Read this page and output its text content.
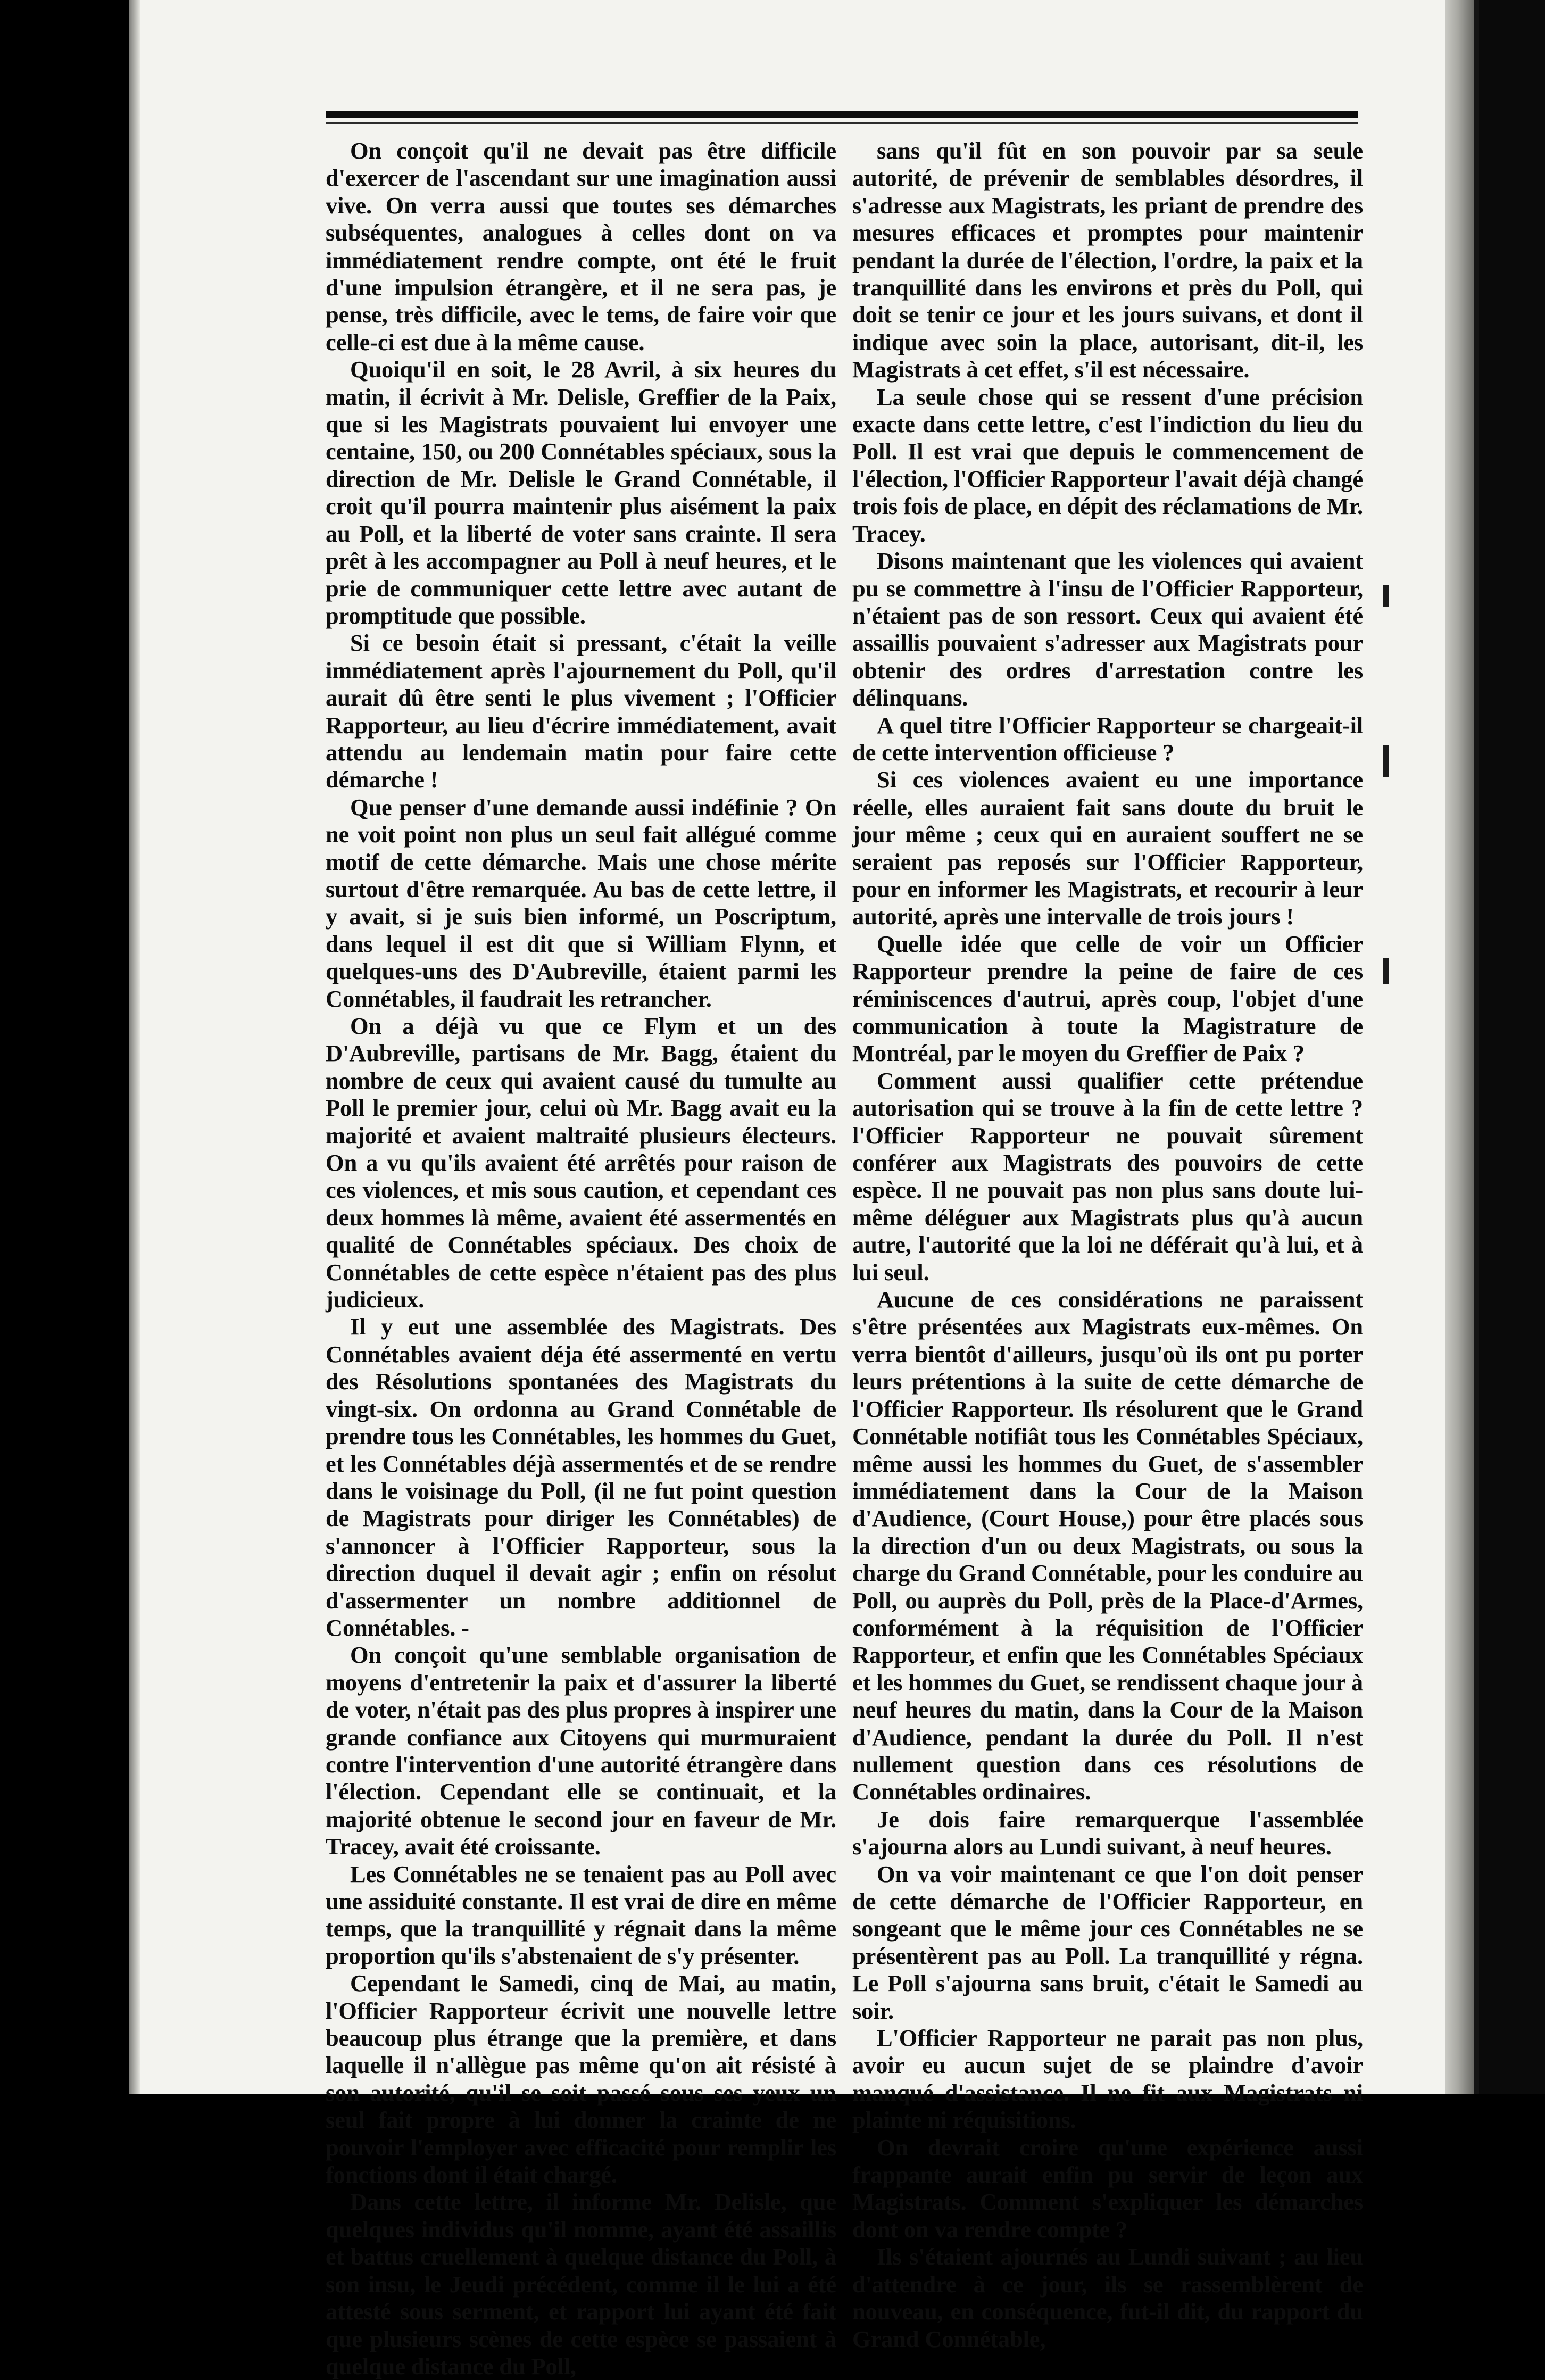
On conçoit qu'il ne devait pas être difficile d'exercer de l'ascendant sur une imagination aussi vive. On verra aussi que toutes ses démarches subséquentes, analogues à celles dont on va immédiatement rendre compte, ont été le fruit d'une impulsion étrangère, et il ne sera pas, je pense, très difficile, avec le tems, de faire voir que celle-ci est due à la même cause.

Quoiqu'il en soit, le 28 Avril, à six heures du matin, il écrivit à Mr. Delisle, Greffier de la Paix, que si les Magistrats pouvaient lui envoyer une centaine, 150, ou 200 Connétables spéciaux, sous la direction de Mr. Delisle le Grand Connétable, il croit qu'il pourra maintenir plus aisément la paix au Poll, et la liberté de voter sans crainte. Il sera prêt à les accompagner au Poll à neuf heures, et le prie de communiquer cette lettre avec autant de promptitude que possible.

Si ce besoin était si pressant, c'était la veille immédiatement après l'ajournement du Poll, qu'il aurait dû être senti le plus vivement ; l'Officier Rapporteur, au lieu d'écrire immédiatement, avait attendu au lendemain matin pour faire cette démarche !

Que penser d'une demande aussi indéfinie ? On ne voit point non plus un seul fait allégué comme motif de cette démarche. Mais une chose mérite surtout d'être remarquée. Au bas de cette lettre, il y avait, si je suis bien informé, un Poscriptum, dans lequel il est dit que si William Flynn, et quelques-uns des D'Aubreville, étaient parmi les Connétables, il faudrait les retrancher.

On a déjà vu que ce Flym et un des D'Aubreville, partisans de Mr. Bagg, étaient du nombre de ceux qui avaient causé du tumulte au Poll le premier jour, celui où Mr. Bagg avait eu la majorité et avaient maltraité plusieurs électeurs. On a vu qu'ils avaient été arrêtés pour raison de ces violences, et mis sous caution, et cependant ces deux hommes là même, avaient été assermentés en qualité de Connétables spéciaux. Des choix de Connétables de cette espèce n'étaient pas des plus judicieux.

Il y eut une assemblée des Magistrats. Des Connétables avaient déja été assermenté en vertu des Résolutions spontanées des Magistrats du vingt-six. On ordonna au Grand Connétable de prendre tous les Connétables, les hommes du Guet, et les Connétables déjà assermentés et de se rendre dans le voisinage du Poll, (il ne fut point question de Magistrats pour diriger les Connétables) de s'annoncer à l'Officier Rapporteur, sous la direction duquel il devait agir ; enfin on résolut d'assermenter un nombre additionnel de Connétables. -

On conçoit qu'une semblable organisation de moyens d'entretenir la paix et d'assurer la liberté de voter, n'était pas des plus propres à inspirer une grande confiance aux Citoyens qui murmuraient contre l'intervention d'une autorité étrangère dans l'élection. Cependant elle se continuait, et la majorité obtenue le second jour en faveur de Mr. Tracey, avait été croissante.

Les Connétables ne se tenaient pas au Poll avec une assiduité constante. Il est vrai de dire en même temps, que la tranquillité y régnait dans la même proportion qu'ils s'abstenaient de s'y présenter.

Cependant le Samedi, cinq de Mai, au matin, l'Officier Rapporteur écrivit une nouvelle lettre beaucoup plus étrange que la première, et dans laquelle il n'allègue pas même qu'on ait résisté à son autorité, qu'il se soit passé sous ses yeux un seul fait propre à lui donner la crainte de ne pouvoir l'employer avec efficacité pour remplir les fonctions dont il était chargé.

Dans cette lettre, il informe Mr. Delisle, que quelques individus qu'il nomme, ayant été assaillis et battus cruellement à quelque distance du Poll, à son insu, le Jeudi précédent, comme il le lui a été attesté sous serment, et rapport lui ayant été fait que plusieurs scènes de cette espèce se passaient à quelque distance du Poll,

sans qu'il fût en son pouvoir par sa seule autorité, de prévenir de semblables désordres, il s'adresse aux Magistrats, les priant de prendre des mesures efficaces et promptes pour maintenir pendant la durée de l'élection, l'ordre, la paix et la tranquillité dans les environs et près du Poll, qui doit se tenir ce jour et les jours suivans, et dont il indique avec soin la place, autorisant, dit-il, les Magistrats à cet effet, s'il est nécessaire.

La seule chose qui se ressent d'une précision exacte dans cette lettre, c'est l'indiction du lieu du Poll. Il est vrai que depuis le commencement de l'élection, l'Officier Rapporteur l'avait déjà changé trois fois de place, en dépit des réclamations de Mr. Tracey.

Disons maintenant que les violences qui avaient pu se commettre à l'insu de l'Officier Rapporteur, n'étaient pas de son ressort. Ceux qui avaient été assaillis pouvaient s'adresser aux Magistrats pour obtenir des ordres d'arrestation contre les délinquans.

A quel titre l'Officier Rapporteur se chargeait-il de cette intervention officieuse ?

Si ces violences avaient eu une importance réelle, elles auraient fait sans doute du bruit le jour même ; ceux qui en auraient souffert ne se seraient pas reposés sur l'Officier Rapporteur, pour en informer les Magistrats, et recourir à leur autorité, après une intervalle de trois jours !

Quelle idée que celle de voir un Officier Rapporteur prendre la peine de faire de ces réminiscences d'autrui, après coup, l'objet d'une communication à toute la Magistrature de Montréal, par le moyen du Greffier de Paix ?

Comment aussi qualifier cette prétendue autorisation qui se trouve à la fin de cette lettre ? l'Officier Rapporteur ne pouvait sûrement conférer aux Magistrats des pouvoirs de cette espèce. Il ne pouvait pas non plus sans doute lui-même déléguer aux Magistrats plus qu'à aucun autre, l'autorité que la loi ne déférait qu'à lui, et à lui seul.

Aucune de ces considérations ne paraissent s'être présentées aux Magistrats eux-mêmes. On verra bientôt d'ailleurs, jusqu'où ils ont pu porter leurs prétentions à la suite de cette démarche de l'Officier Rapporteur. Ils résolurent que le Grand Connétable notifiât tous les Connétables Spéciaux, même aussi les hommes du Guet, de s'assembler immédiatement dans la Cour de la Maison d'Audience, (Court House,) pour être placés sous la direction d'un ou deux Magistrats, ou sous la charge du Grand Connétable, pour les conduire au Poll, ou auprès du Poll, près de la Place-d'Armes, conformément à la réquisition de l'Officier Rapporteur, et enfin que les Connétables Spéciaux et les hommes du Guet, se rendissent chaque jour à neuf heures du matin, dans la Cour de la Maison d'Audience, pendant la durée du Poll. Il n'est nullement question dans ces résolutions de Connétables ordinaires.

Je dois faire remarquerque l'assemblée s'ajourna alors au Lundi suivant, à neuf heures.

On va voir maintenant ce que l'on doit penser de cette démarche de l'Officier Rapporteur, en songeant que le même jour ces Connétables ne se présentèrent pas au Poll. La tranquillité y régna. Le Poll s'ajourna sans bruit, c'était le Samedi au soir.

L'Officier Rapporteur ne parait pas non plus, avoir eu aucun sujet de se plaindre d'avoir manqué d'assistance. Il ne fit aux Magistrats ni plainte ni réquisitions.

On devrait croire qu'une expérience aussi frappante aurait enfin pu servir de leçon aux Magistrats. Comment s'expliquer les démarches dont on va rendre compte ?

Ils s'étaient ajournés au Lundi suivant ; au lieu d'attendre à ce jour, ils se rassemblèrent de nouveau, en conséquence, fut-il dit, du rapport du Grand Connétable,
